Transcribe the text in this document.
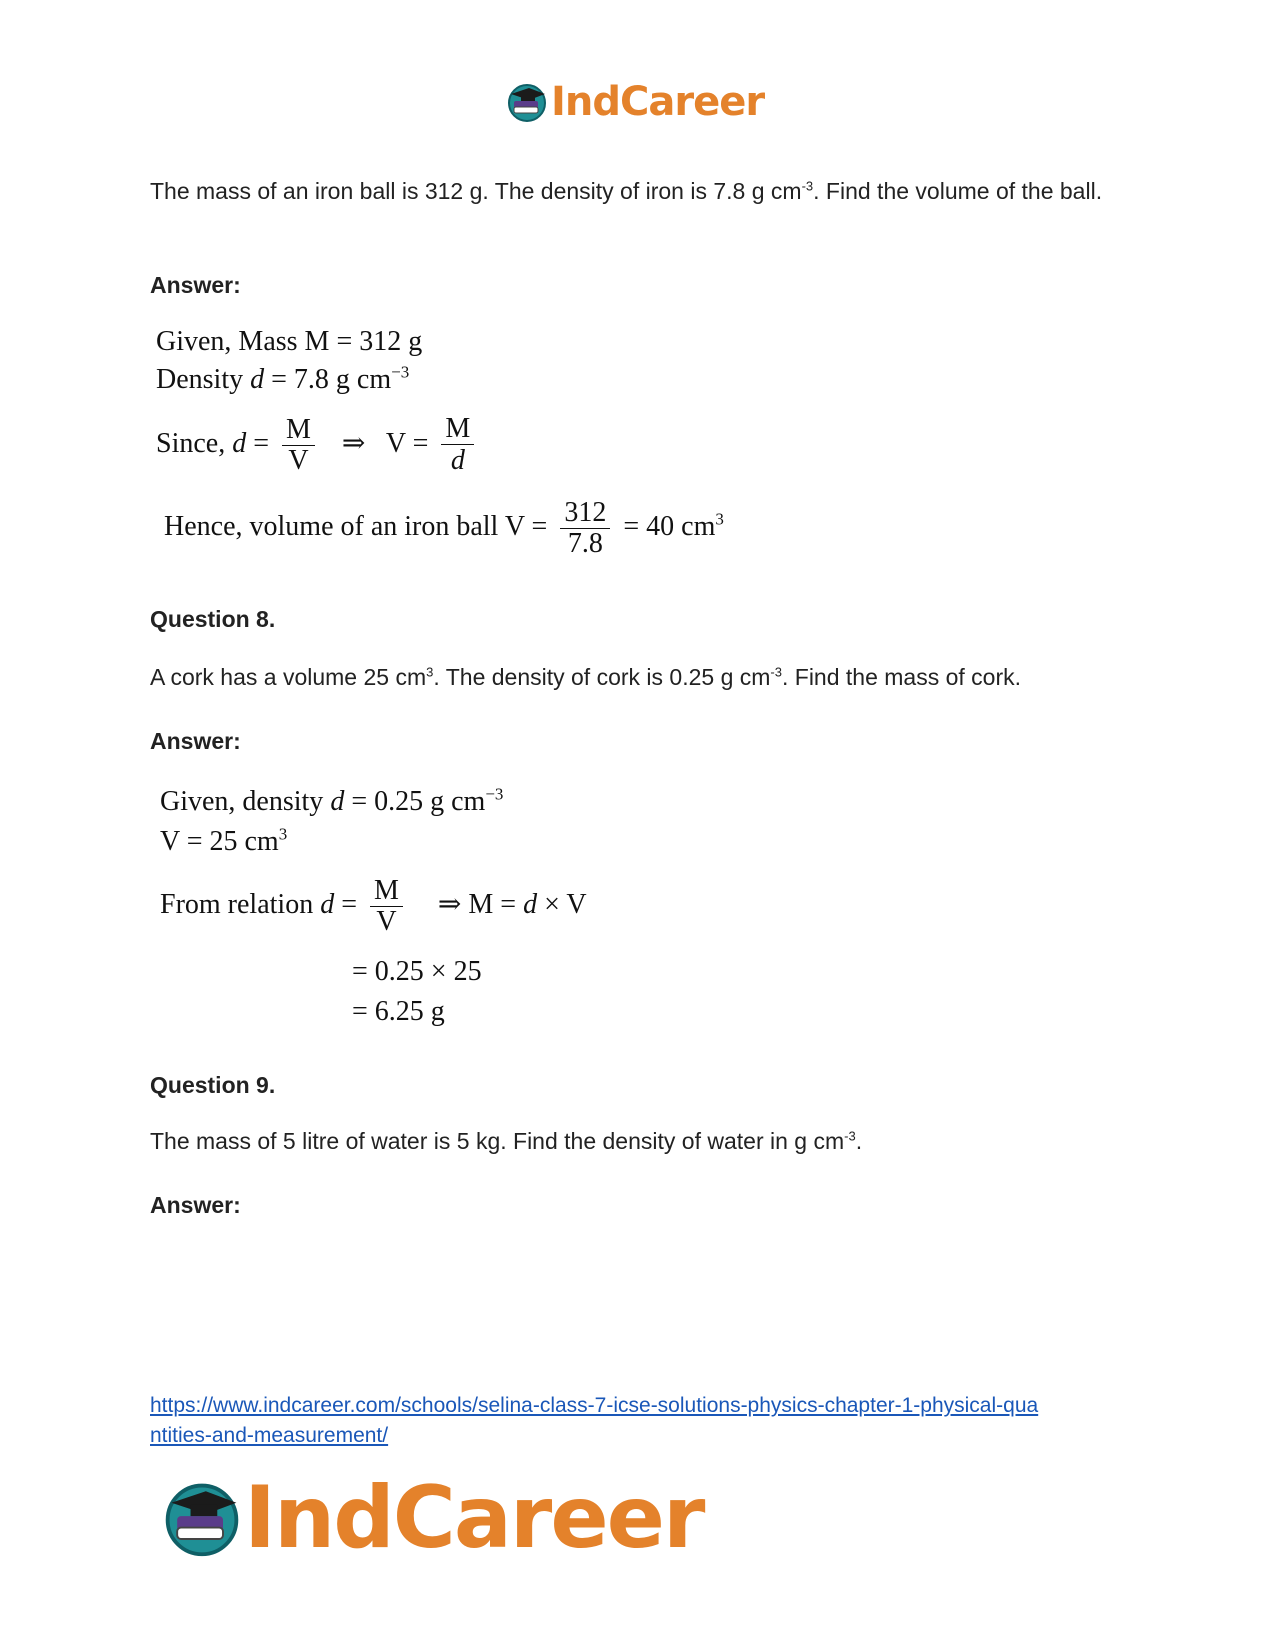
IndCareer
The mass of an iron ball is 312 g. The density of iron is 7.8 g $cm^{-3}$. Find the volume of the ball.
Answer:
Given, Mass M = 312 g
Density d = 7.8 g $cm^{-3}$
Since, $d = \frac{M}{V}$ ⇒ $V = \frac{M}{d}$
Hence, volume of an iron ball $V = \frac{312}{7.8} = 40$ $cm^3$
Question 8.
A cork has a volume 25 $cm^3$. The density of cork is 0.25 g $cm^{-3}$. Find the mass of cork.
Answer:
Given, density d = 0.25 g $cm^{-3}$
V = 25 $cm^3$
From relation $d = \frac{M}{V}$ ⇒ M = d × V
= 0.25 × 25
= 6.25 g
Question 9.
The mass of 5 litre of water is 5 kg. Find the density of water in g $cm^{-3}$.
Answer:
https://www.indcareer.com/schools/selina-class-7-icse-solutions-physics-chapter-1-physical-qua
ntities-and-measurement/
IndCareer
